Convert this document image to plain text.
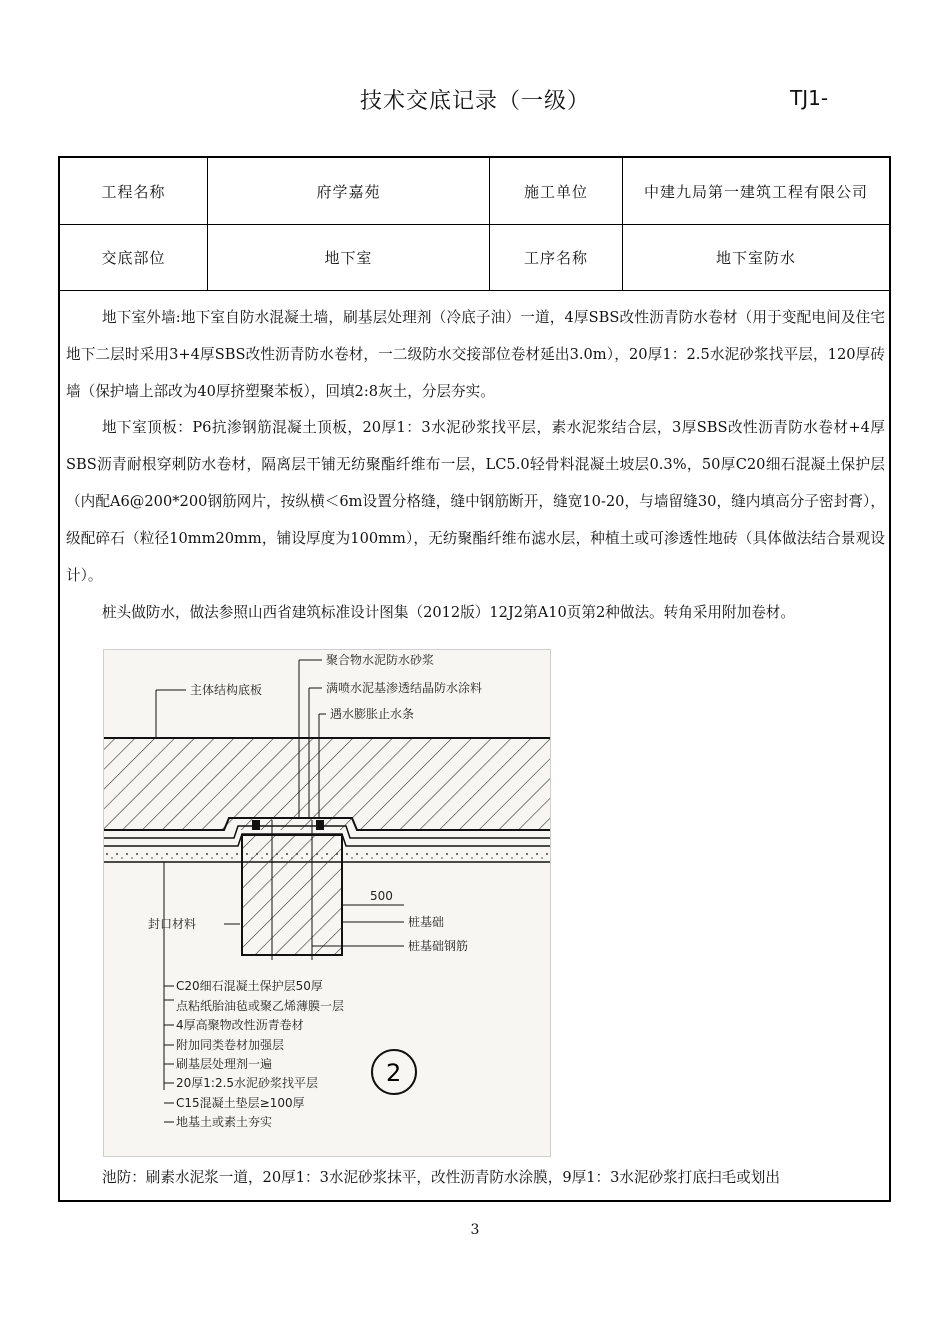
技术交底记录（一级）	TJ1-
工程名称	府学嘉苑	施工单位	中建九局第一建筑工程有限公司
交底部位	地下室	工序名称	地下室防水

地下室外墙:地下室自防水混凝土墙，刷基层处理剂（冷底子油）一道，4厚SBS改性沥青防水卷材（用于变配电间及住宅地下二层时采用3+4厚SBS改性沥青防水卷材，一二级防水交接部位卷材延出3.0m），20厚1：2.5水泥砂浆找平层，120厚砖墙（保护墙上部改为40厚挤塑聚苯板），回填2:8灰土，分层夯实。

地下室顶板：P6抗渗钢筋混凝土顶板，20厚1：3水泥砂浆找平层，素水泥浆结合层，3厚SBS改性沥青防水卷材+4厚SBS沥青耐根穿刺防水卷材，隔离层干铺无纺聚酯纤维布一层，LC5.0轻骨料混凝土坡层0.3%，50厚C20细石混凝土保护层（内配A6@200*200钢筋网片，按纵横＜6m设置分格缝，缝中钢筋断开，缝宽10-20，与墙留缝30，缝内填高分子密封膏），级配碎石（粒径10mm20mm，铺设厚度为100mm），无纺聚酯纤维布滤水层，种植土或可渗透性地砖（具体做法结合景观设计）。

桩头做防水，做法参照山西省建筑标准设计图集（2012版）12J2第A10页第2种做法。转角采用附加卷材。

500
主体结构底板
聚合物水泥防水砂浆
满喷水泥基渗透结晶防水涂料
遇水膨胀止水条
桩基础
桩基础钢筋
封口材料
C20细石混凝土保护层50厚
点粘纸胎油毡或聚乙烯薄膜一层
4厚高聚物改性沥青卷材
附加同类卷材加强层
刷基层处理剂一遍
20厚1:2.5水泥砂浆找平层
C15混凝土垫层≥100厚
地基土或素土夯实
2
池防：刷素水泥浆一道，20厚1：3水泥砂浆抹平，改性沥青防水涂膜，9厚1：3水泥砂浆打底扫毛或划出
3
